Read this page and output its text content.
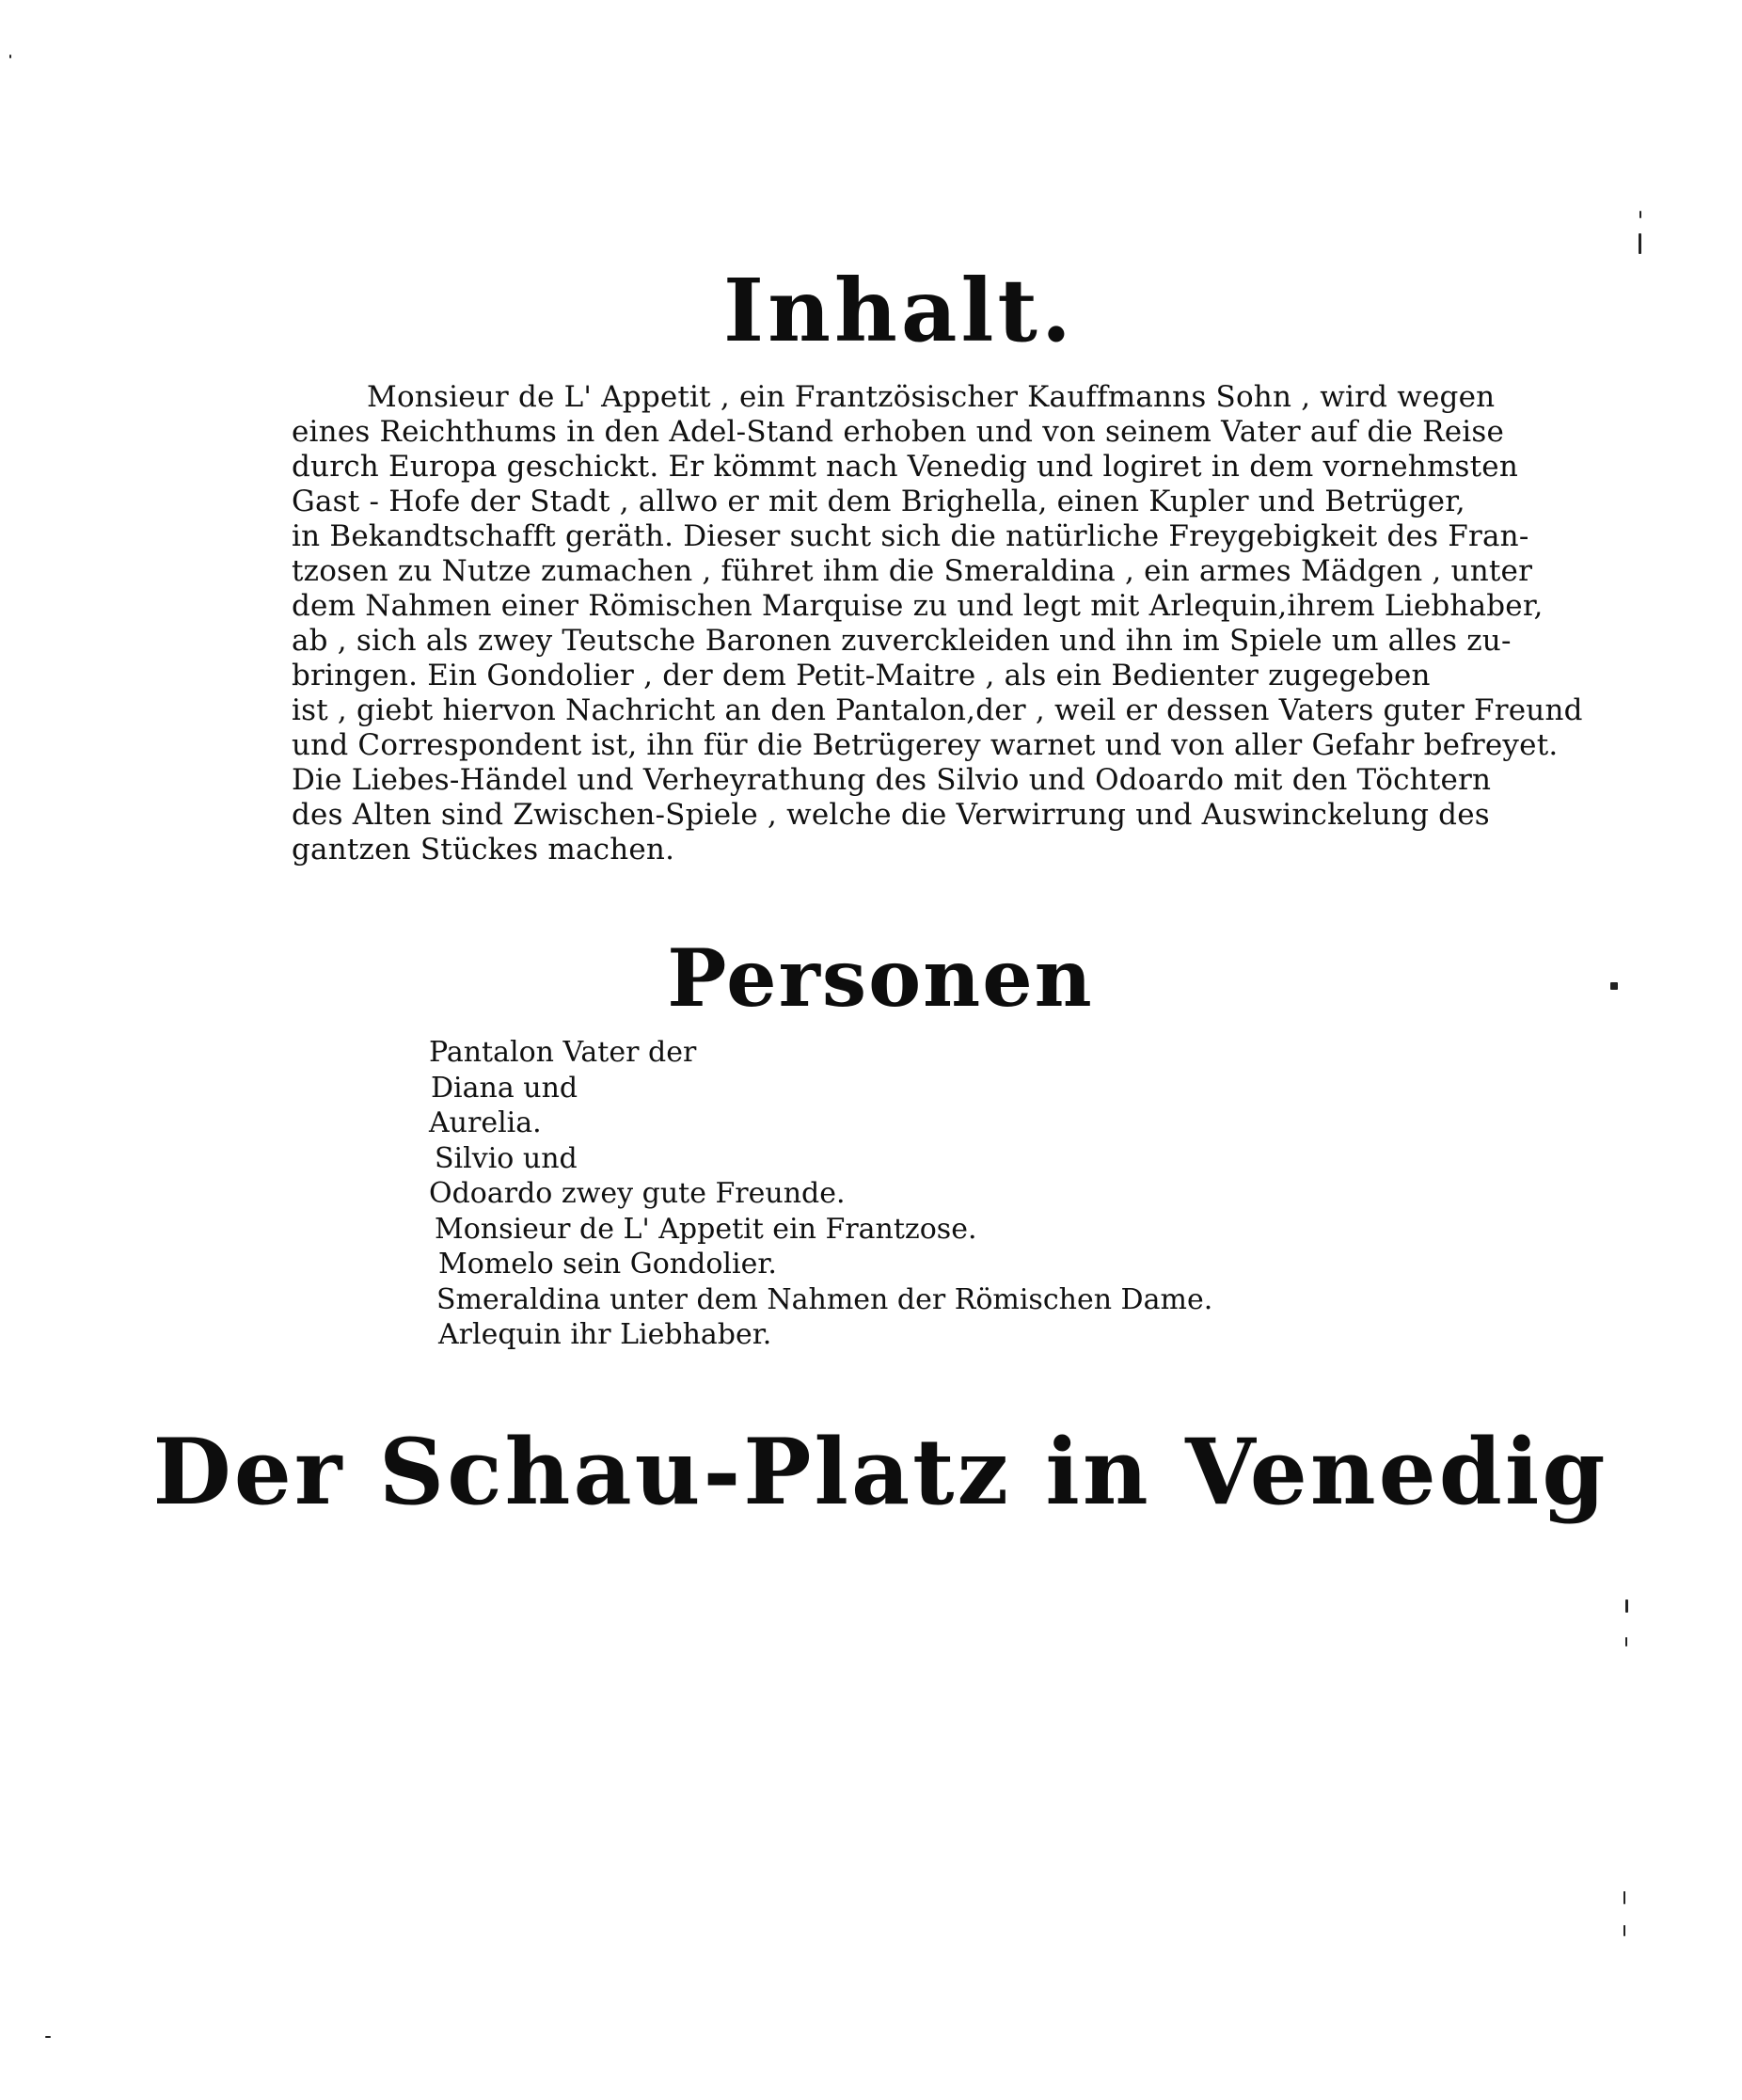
Inhalt.
Monsieur de L' Appetit , ein Frantzösischer Kauffmanns Sohn , wird wegen
eines Reichthums in den Adel-Stand erhoben und von seinem Vater auf die Reise
durch Europa geschickt. Er kömmt nach Venedig und logiret in dem vornehmsten
Gast - Hofe der Stadt , allwo er mit dem Brighella, einen Kupler und Betrüger,
in Bekandtschafft geräth. Dieser sucht sich die natürliche Freygebigkeit des Fran-
tzosen zu Nutze zumachen , führet ihm die Smeraldina , ein armes Mädgen , unter
dem Nahmen einer Römischen Marquise zu und legt mit Arlequin,ihrem Liebhaber,
ab , sich als zwey Teutsche Baronen zuverckleiden und ihn im Spiele um alles zu-
bringen. Ein Gondolier , der dem Petit-Maitre , als ein Bedienter zugegeben
ist , giebt hiervon Nachricht an den Pantalon,der , weil er dessen Vaters guter Freund
und Correspondent ist, ihn für die Betrügerey warnet und von aller Gefahr befreyet.
Die Liebes-Händel und Verheyrathung des Silvio und Odoardo mit den Töchtern
des Alten sind Zwischen-Spiele , welche die Verwirrung und Auswinckelung des
gantzen Stückes machen.
Personen
Pantalon Vater der
Diana und
Aurelia.
Silvio und
Odoardo zwey gute Freunde.
Monsieur de L' Appetit ein Frantzose.
Momelo sein Gondolier.
Smeraldina unter dem Nahmen der Römischen Dame.
Arlequin ihr Liebhaber.
Der Schau-Platz in Venedig
